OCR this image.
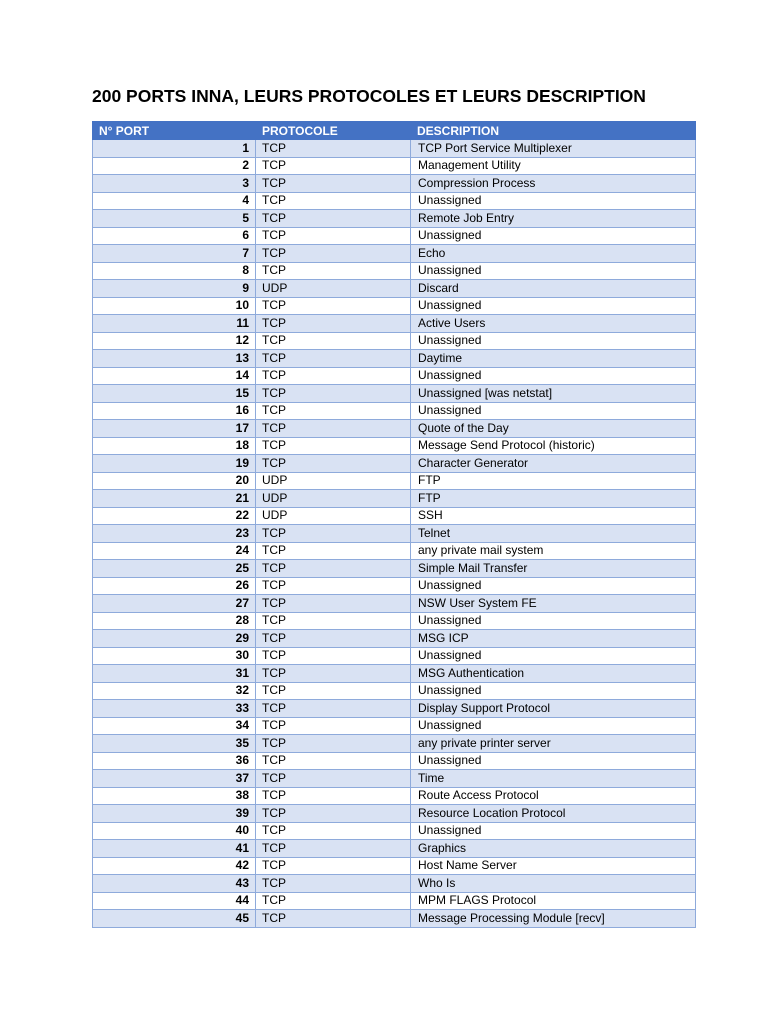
200 PORTS INNA, LEURS PROTOCOLES ET LEURS DESCRIPTION
N° PORT	PROTOCOLE	DESCRIPTION
1	TCP	TCP Port Service Multiplexer
2	TCP	Management Utility
3	TCP	Compression Process
4	TCP	Unassigned
5	TCP	Remote Job Entry
6	TCP	Unassigned
7	TCP	Echo
8	TCP	Unassigned
9	UDP	Discard
10	TCP	Unassigned
11	TCP	Active Users
12	TCP	Unassigned
13	TCP	Daytime
14	TCP	Unassigned
15	TCP	Unassigned [was netstat]
16	TCP	Unassigned
17	TCP	Quote of the Day
18	TCP	Message Send Protocol (historic)
19	TCP	Character Generator
20	UDP	FTP
21	UDP	FTP
22	UDP	SSH
23	TCP	Telnet
24	TCP	any private mail system
25	TCP	Simple Mail Transfer
26	TCP	Unassigned
27	TCP	NSW User System FE
28	TCP	Unassigned
29	TCP	MSG ICP
30	TCP	Unassigned
31	TCP	MSG Authentication
32	TCP	Unassigned
33	TCP	Display Support Protocol
34	TCP	Unassigned
35	TCP	any private printer server
36	TCP	Unassigned
37	TCP	Time
38	TCP	Route Access Protocol
39	TCP	Resource Location Protocol
40	TCP	Unassigned
41	TCP	Graphics
42	TCP	Host Name Server
43	TCP	Who Is
44	TCP	MPM FLAGS Protocol
45	TCP	Message Processing Module [recv]
